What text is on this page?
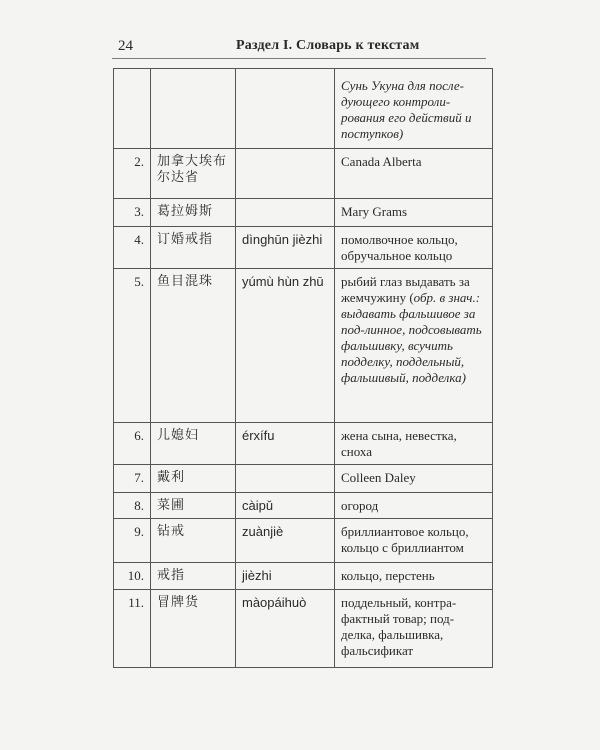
24	Раздел I. Словарь к текстам

			Сунь Укуна для после-дующего контроли-рования его действий и поступков)

2.	加拿大埃布尔达省		Canada Alberta
3.	葛拉姆斯		Mary Grams
4.	订婚戒指	dìnghūn jièzhi	помолвочное кольцо, обручальное кольцо
5.	鱼目混珠	yúmù hùn zhū	рыбий глаз выдавать за жемчужину (обр. в знач.: выдавать фальшивое за под-линное, подсовывать фальшивку, всучить подделку, поддельный, фальшивый, подделка)
6.	儿媳妇	érxífu	жена сына, невестка, сноха
7.	戴利		Colleen Daley
8.	菜圃	càipǔ	огород
9.	钻戒	zuànjiè	бриллиантовое кольцо, кольцо с бриллиантом
10.	戒指	jièzhi	кольцо, перстень
11.	冒牌货	màopáihuò	поддельный, контра-фактный товар; под-делка, фальшивка, фальсификат
